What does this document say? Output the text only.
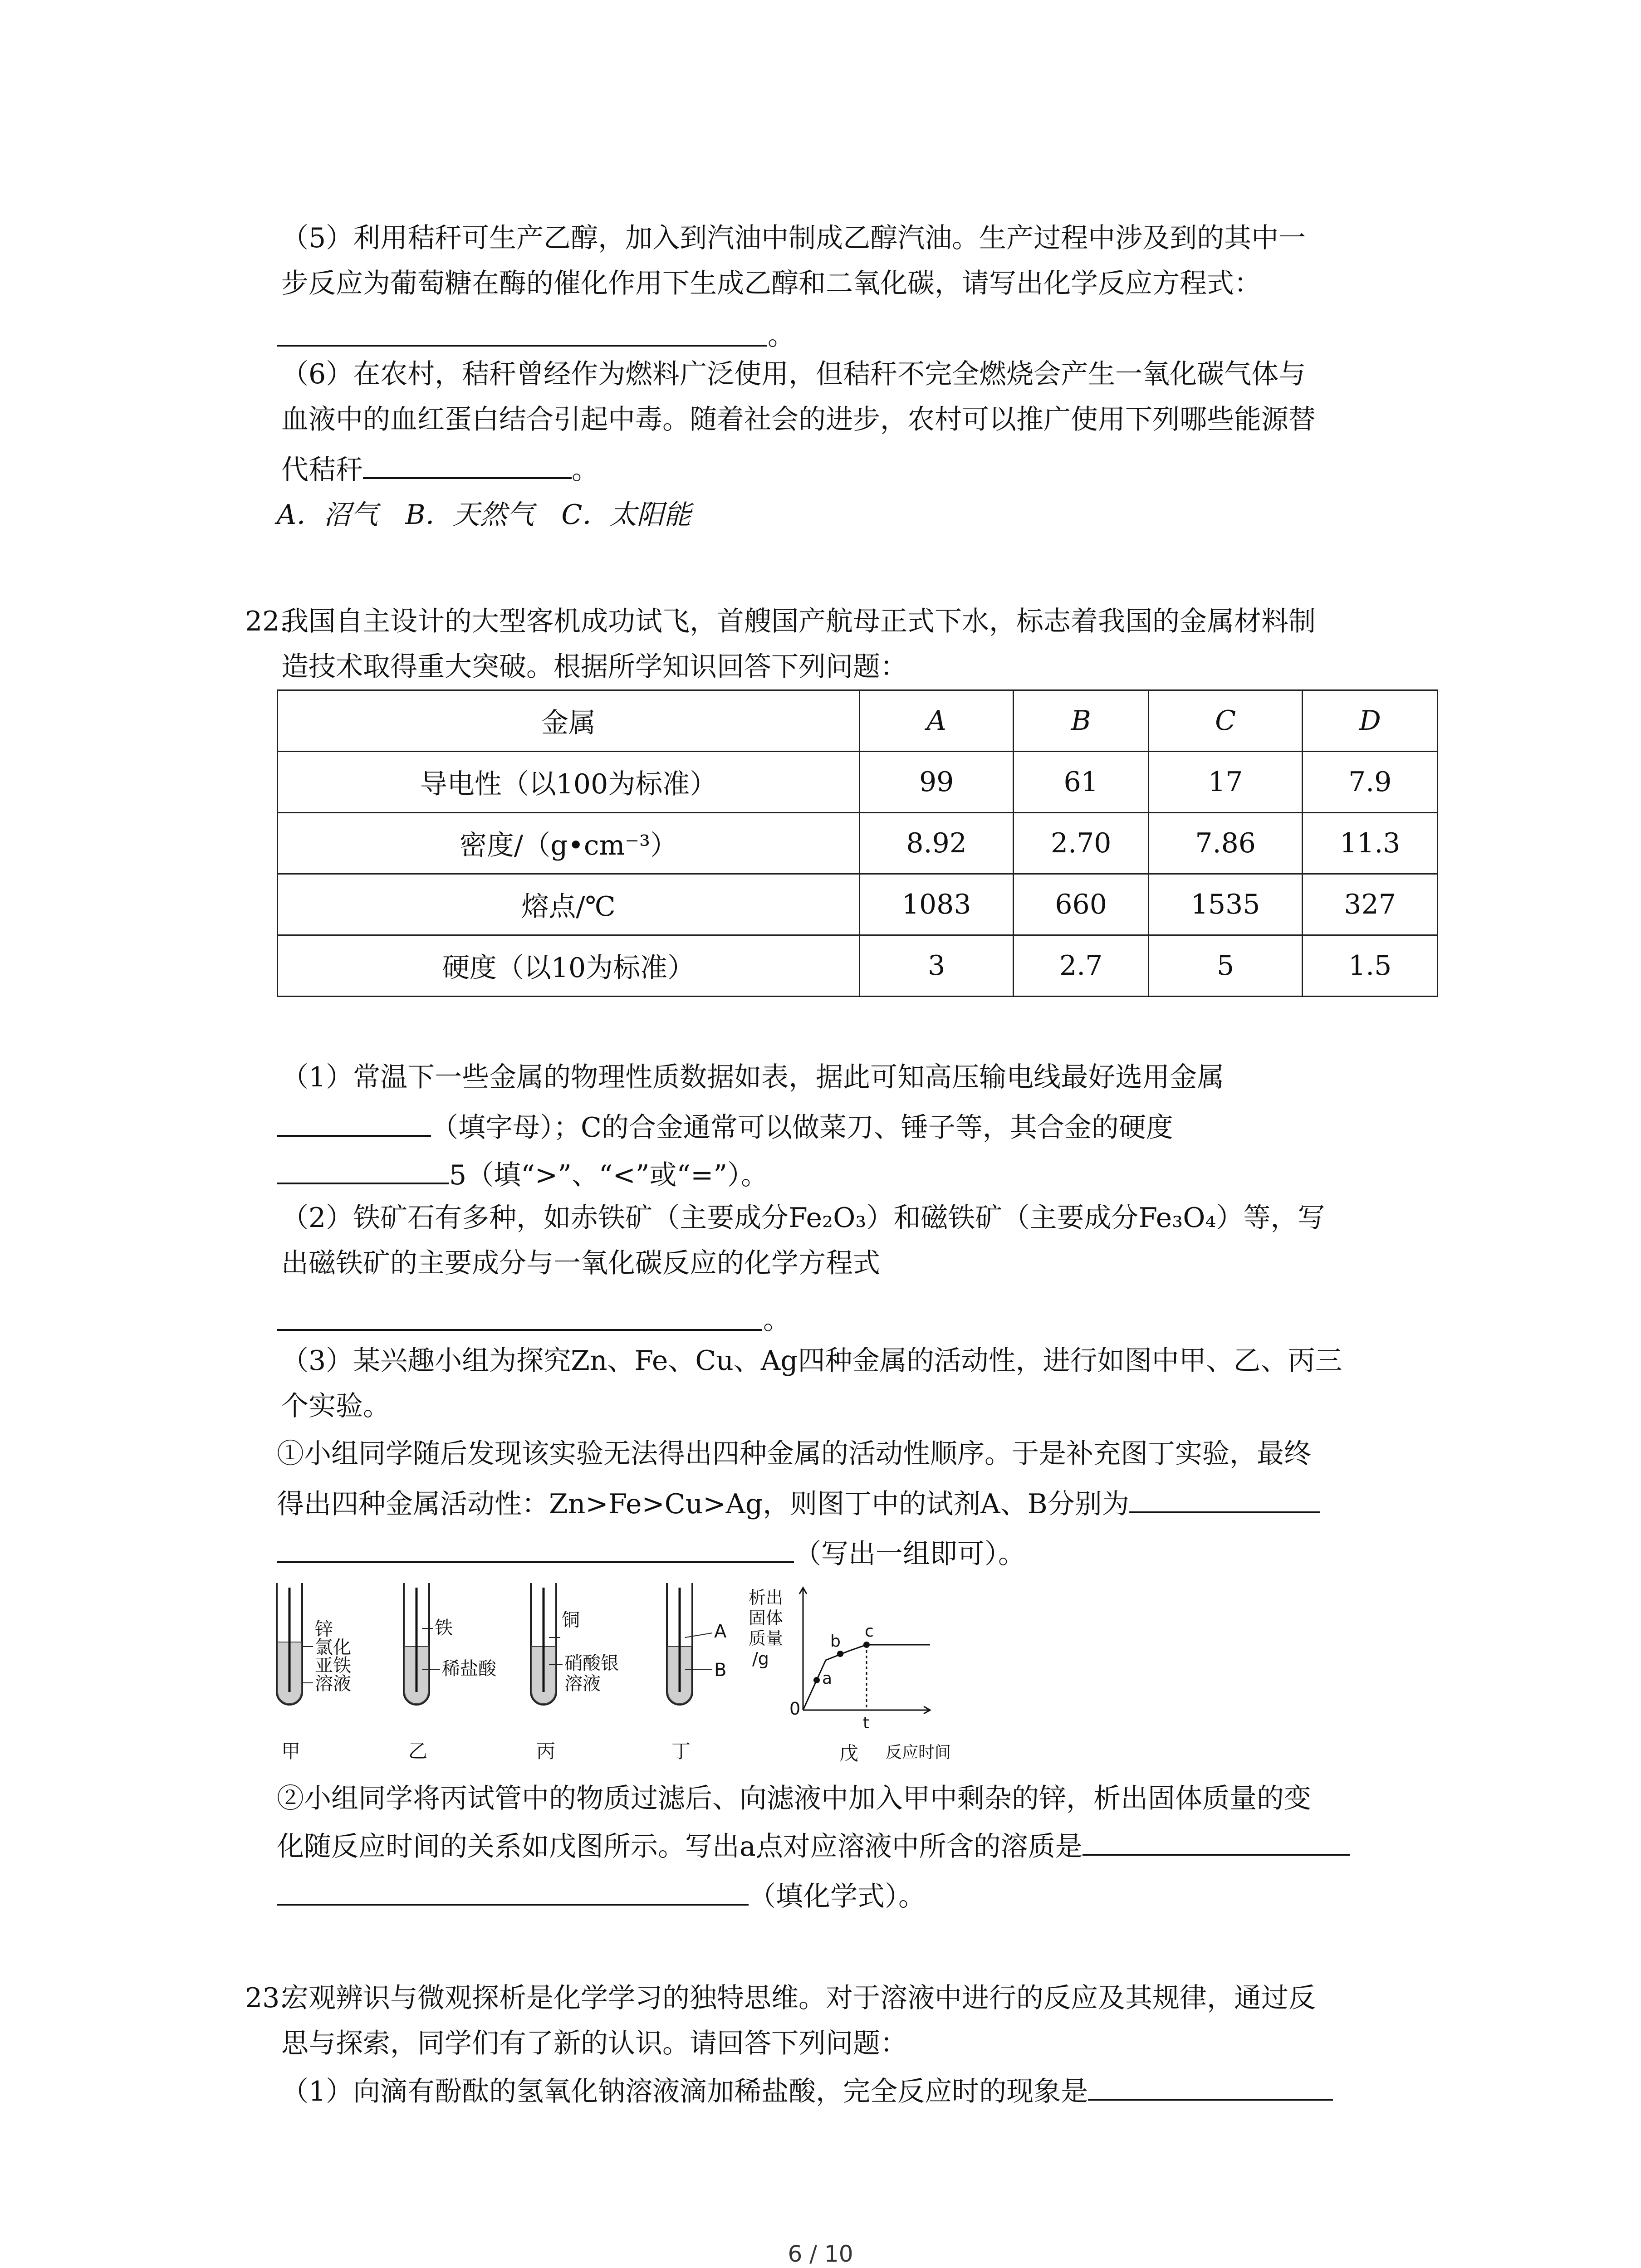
（5）利用秸秆可生产乙醇，加入到汽油中制成乙醇汽油。生产过程中涉及到的其中一
步反应为葡萄糖在酶的催化作用下生成乙醇和二氧化碳，请写出化学反应方程式：
。
（6）在农村，秸秆曾经作为燃料广泛使用，但秸秆不完全燃烧会产生一氧化碳气体与
血液中的血红蛋白结合引起中毒。随着社会的进步，农村可以推广使用下列哪些能源替
代秸秆	。
A．沼气　B．天然气　C．太阳能
22.
我国自主设计的大型客机成功试飞，首艘国产航母正式下水，标志着我国的金属材料制
造技术取得重大突破。根据所学知识回答下列问题：
金属	A	B	C	D
导电性（以100为标准）	99	61	17	7.9
密度/（g•cm⁻³）	8.92	2.70	7.86	11.3
熔点/℃	1083	660	1535	327
硬度（以10为标准）	3	2.7	5	1.5
（1）常温下一些金属的物理性质数据如表，据此可知高压输电线最好选用金属
（填字母）；C的合金通常可以做菜刀、锤子等，其合金的硬度
5（填“>”、“<”或“=”）。
（2）铁矿石有多种，如赤铁矿（主要成分Fe₂O₃）和磁铁矿（主要成分Fe₃O₄）等，写
出磁铁矿的主要成分与一氧化碳反应的化学方程式
。
（3）某兴趣小组为探究Zn、Fe、Cu、Ag四种金属的活动性，进行如图中甲、乙、丙三
个实验。
①小组同学随后发现该实验无法得出四种金属的活动性顺序。于是补充图丁实验，最终
得出四种金属活动性：Zn>Fe>Cu>Ag，则图丁中的试剂A、B分别为
（写出一组即可）。
锌
氯化
亚铁
溶液
铁
稀盐酸
铜
硝酸银
溶液
A
B
甲	乙	丙	丁
析出
固体
质量
/g
0
a
b
c
t
反应时间
戊
②小组同学将丙试管中的物质过滤后、向滤液中加入甲中剩杂的锌，析出固体质量的变
化随反应时间的关系如戊图所示。写出a点对应溶液中所含的溶质是
（填化学式）。
23.
宏观辨识与微观探析是化学学习的独特思维。对于溶液中进行的反应及其规律，通过反
思与探索，同学们有了新的认识。请回答下列问题：
（1）向滴有酚酞的氢氧化钠溶液滴加稀盐酸，完全反应时的现象是
6 / 10
